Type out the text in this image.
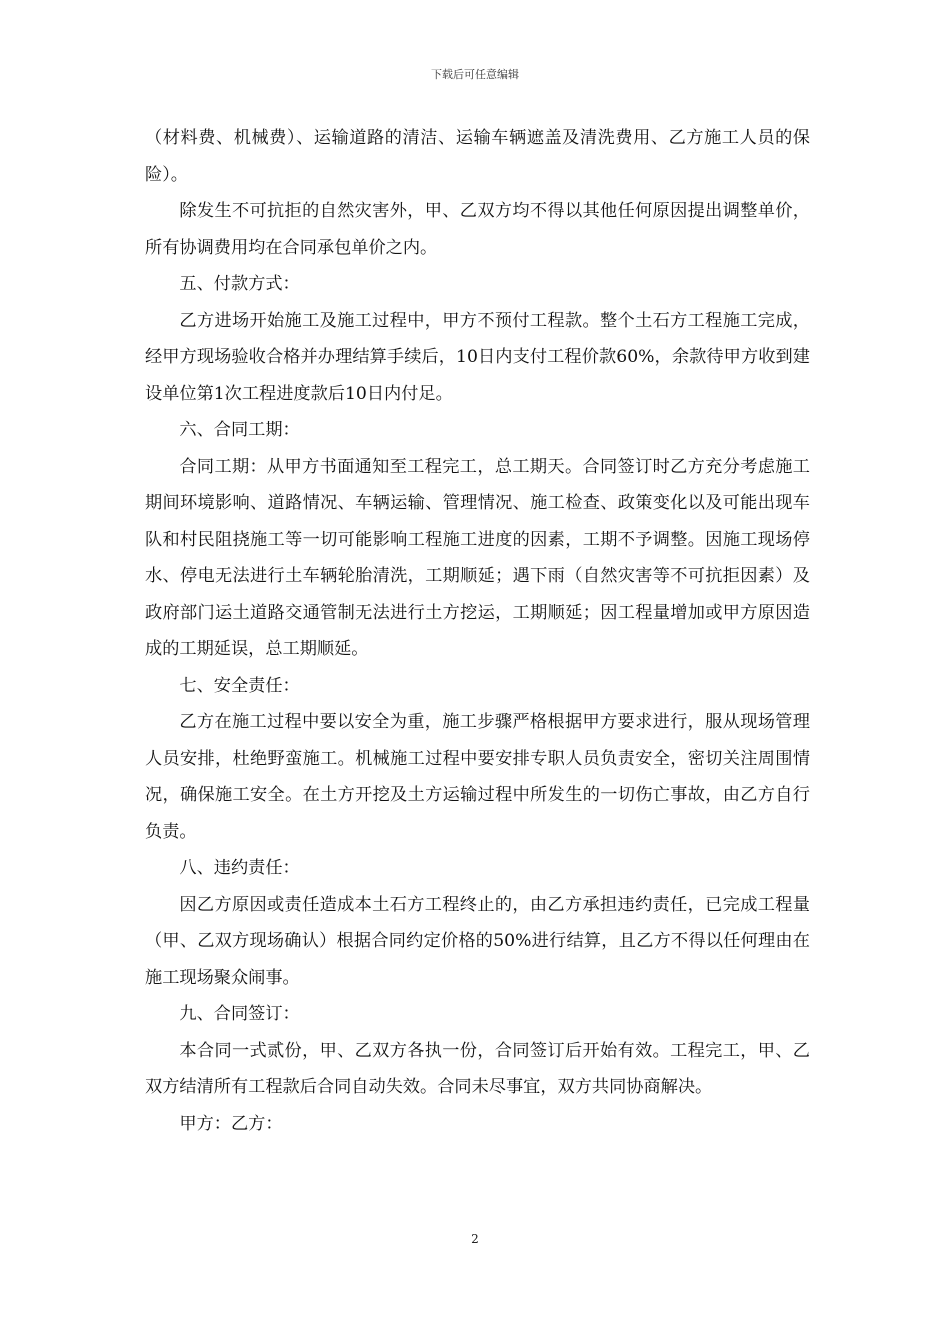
下载后可任意编辑

（材料费、机械费）、运输道路的清洁、运输车辆遮盖及清洗费用、乙方施工人员的保险）。

除发生不可抗拒的自然灾害外，甲、乙双方均不得以其他任何原因提出调整单价，所有协调费用均在合同承包单价之内。

五、付款方式：

乙方进场开始施工及施工过程中，甲方不预付工程款。整个土石方工程施工完成，经甲方现场验收合格并办理结算手续后，10日内支付工程价款60%，余款待甲方收到建设单位第1次工程进度款后10日内付足。

六、合同工期：

合同工期：从甲方书面通知至工程完工，总工期天。合同签订时乙方充分考虑施工期间环境影响、道路情况、车辆运输、管理情况、施工检查、政策变化以及可能出现车队和村民阻挠施工等一切可能影响工程施工进度的因素，工期不予调整。因施工现场停水、停电无法进行土车辆轮胎清洗，工期顺延；遇下雨（自然灾害等不可抗拒因素）及政府部门运土道路交通管制无法进行土方挖运，工期顺延；因工程量增加或甲方原因造成的工期延误，总工期顺延。

七、安全责任：

乙方在施工过程中要以安全为重，施工步骤严格根据甲方要求进行，服从现场管理人员安排，杜绝野蛮施工。机械施工过程中要安排专职人员负责安全，密切关注周围情况，确保施工安全。在土方开挖及土方运输过程中所发生的一切伤亡事故，由乙方自行负责。

八、违约责任：

因乙方原因或责任造成本土石方工程终止的，由乙方承担违约责任，已完成工程量（甲、乙双方现场确认）根据合同约定价格的50%进行结算，且乙方不得以任何理由在施工现场聚众闹事。

九、合同签订：

本合同一式贰份，甲、乙双方各执一份，合同签订后开始有效。工程完工，甲、乙双方结清所有工程款后合同自动失效。合同未尽事宜，双方共同协商解决。

甲方：乙方：

2
